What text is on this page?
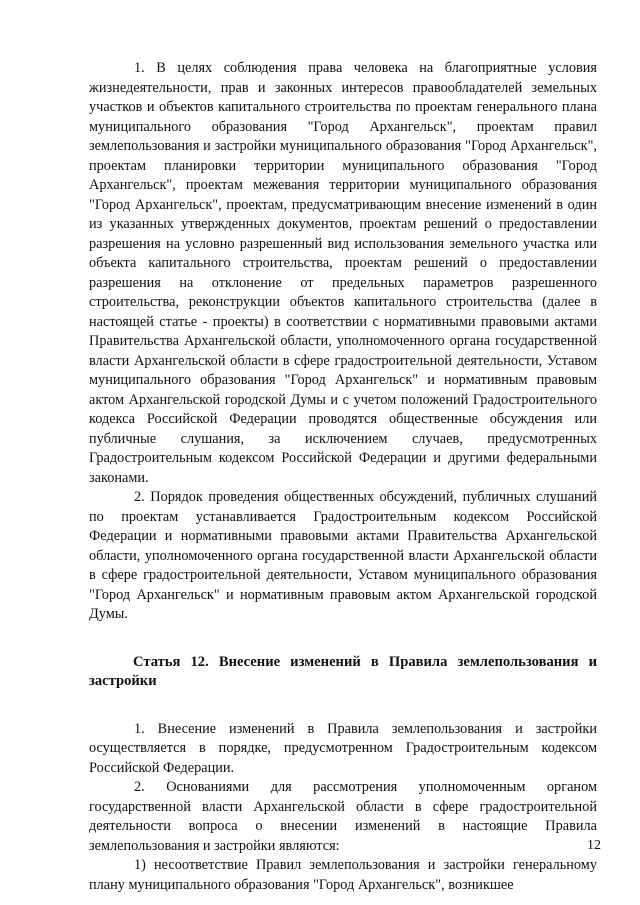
1. В целях соблюдения права человека на благоприятные условия жизнедеятельности, прав и законных интересов правообладателей земельных участков и объектов капитального строительства по проектам генерального плана муниципального образования "Город Архангельск", проектам правил землепользования и застройки муниципального образования "Город Архангельск", проектам планировки территории муниципального образования "Город Архангельск", проектам межевания территории муниципального образования "Город Архангельск", проектам, предусматривающим внесение изменений в один из указанных утвержденных документов, проектам решений о предоставлении разрешения на условно разрешенный вид использования земельного участка или объекта капитального строительства, проектам решений о предоставлении разрешения на отклонение от предельных параметров разрешенного строительства, реконструкции объектов капитального строительства (далее в настоящей статье - проекты) в соответствии с нормативными правовыми актами Правительства Архангельской области, уполномоченного органа государственной власти Архангельской области в сфере градостроительной деятельности, Уставом муниципального образования "Город Архангельск" и нормативным правовым актом Архангельской городской Думы и с учетом положений Градостроительного кодекса Российской Федерации проводятся общественные обсуждения или публичные слушания, за исключением случаев, предусмотренных Градостроительным кодексом Российской Федерации и другими федеральными законами.

2. Порядок проведения общественных обсуждений, публичных слушаний по проектам устанавливается Градостроительным кодексом Российской Федерации и нормативными правовыми актами Правительства Архангельской области, уполномоченного органа государственной власти Архангельской области в сфере градостроительной деятельности, Уставом муниципального образования "Город Архангельск" и нормативным правовым актом Архангельской городской Думы.

Статья 12. Внесение изменений в Правила землепользования и застройки

1. Внесение изменений в Правила землепользования и застройки осуществляется в порядке, предусмотренном Градостроительным кодексом Российской Федерации.

2. Основаниями для рассмотрения уполномоченным органом государственной власти Архангельской области в сфере градостроительной деятельности вопроса о внесении изменений в настоящие Правила землепользования и застройки являются:

1) несоответствие Правил землепользования и застройки генеральному плану муниципального образования "Город Архангельск", возникшее

12
